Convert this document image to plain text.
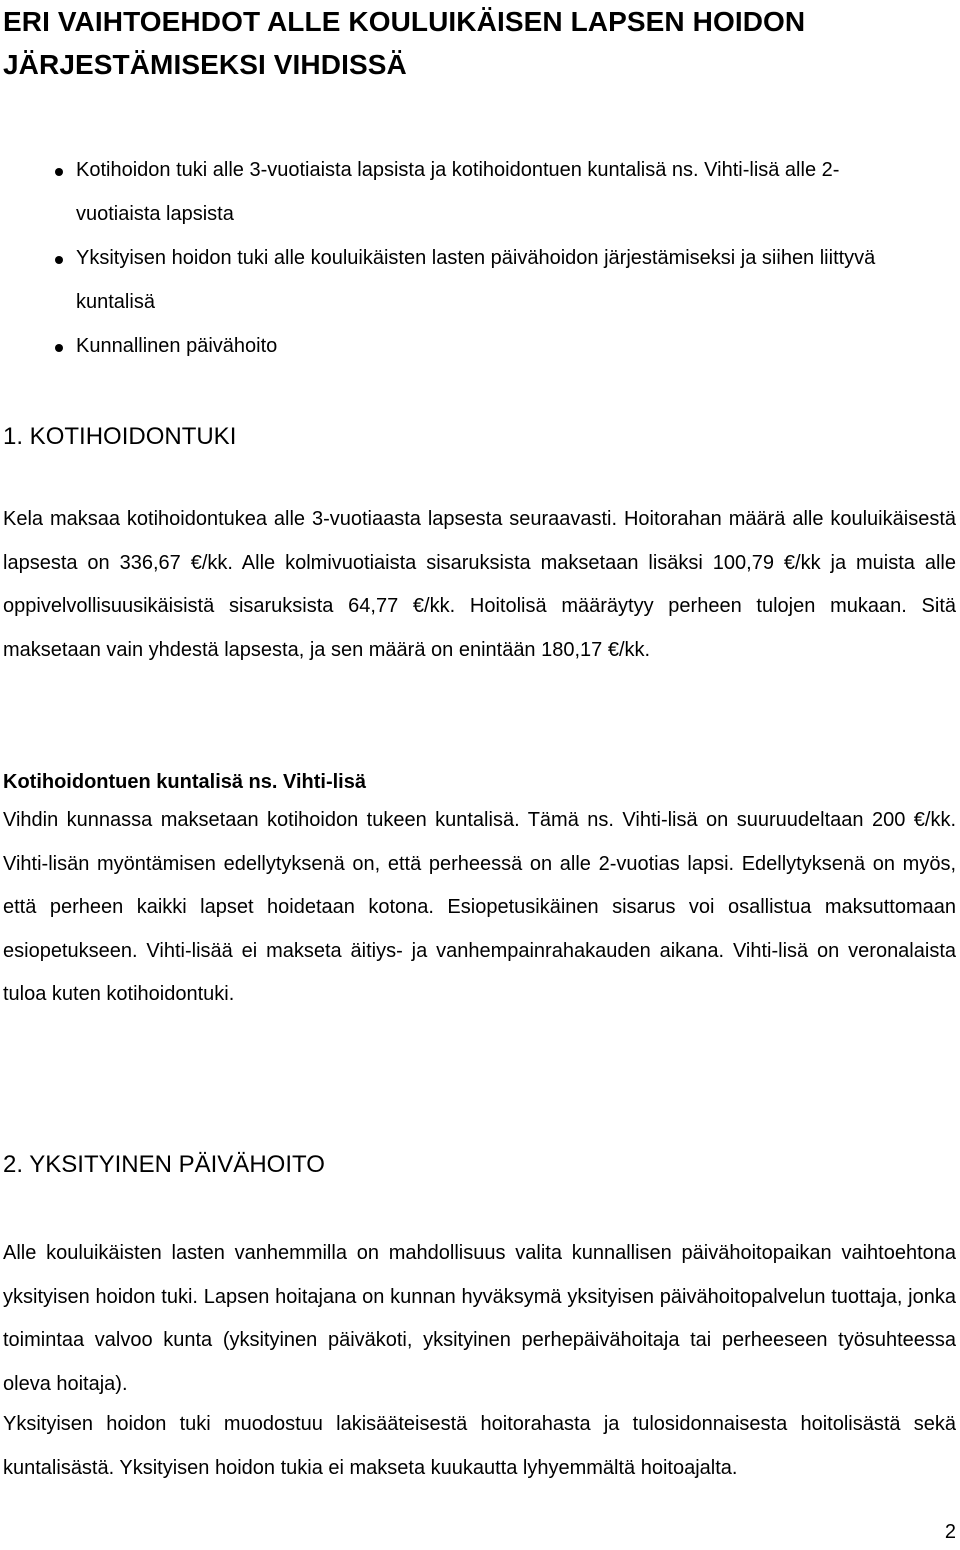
ERI VAIHTOEHDOT ALLE KOULUIKÄISEN LAPSEN HOIDON JÄRJESTÄMISEKSI VIHDISSÄ
Kotihoidon tuki alle 3-vuotiaista lapsista ja kotihoidontuen kuntalisä ns. Vihti-lisä alle 2-vuotiaista lapsista
Yksityisen hoidon tuki alle kouluikäisten lasten päivähoidon järjestämiseksi ja siihen liittyvä kuntalisä
Kunnallinen päivähoito
1. KOTIHOIDONTUKI

Kela maksaa kotihoidontukea alle 3-vuotiaasta lapsesta seuraavasti. Hoitorahan määrä alle kouluikäisestä lapsesta on 336,67 €/kk. Alle kolmivuotiaista sisaruksista maksetaan lisäksi 100,79 €/kk ja muista alle oppivelvollisuusikäisistä sisaruksista 64,77 €/kk. Hoitolisä määräytyy perheen tulojen mukaan. Sitä maksetaan vain yhdestä lapsesta, ja sen määrä on enintään 180,17 €/kk.

Kotihoidontuen kuntalisä ns. Vihti-lisä

Vihdin kunnassa maksetaan kotihoidon tukeen kuntalisä. Tämä ns. Vihti-lisä on suuruudeltaan 200 €/kk. Vihti-lisän myöntämisen edellytyksenä on, että perheessä on alle 2-vuotias lapsi. Edellytyksenä on myös, että perheen kaikki lapset hoidetaan kotona. Esiopetusikäinen sisarus voi osallistua maksuttomaan esiopetukseen. Vihti-lisää ei makseta äitiys- ja vanhempainrahakauden aikana. Vihti-lisä on veronalaista tuloa kuten kotihoidontuki.

2. YKSITYINEN PÄIVÄHOITO

Alle kouluikäisten lasten vanhemmilla on mahdollisuus valita kunnallisen päivähoitopaikan vaihtoehtona yksityisen hoidon tuki. Lapsen hoitajana on kunnan hyväksymä yksityisen päivähoitopalvelun tuottaja, jonka toimintaa valvoo kunta (yksityinen päiväkoti, yksityinen perhepäivähoitaja tai perheeseen työsuhteessa oleva hoitaja).

Yksityisen hoidon tuki muodostuu lakisääteisestä hoitorahasta ja tulosidonnaisesta hoitolisästä sekä kuntalisästä. Yksityisen hoidon tukia ei makseta kuukautta lyhyemmältä hoitoajalta.

2
